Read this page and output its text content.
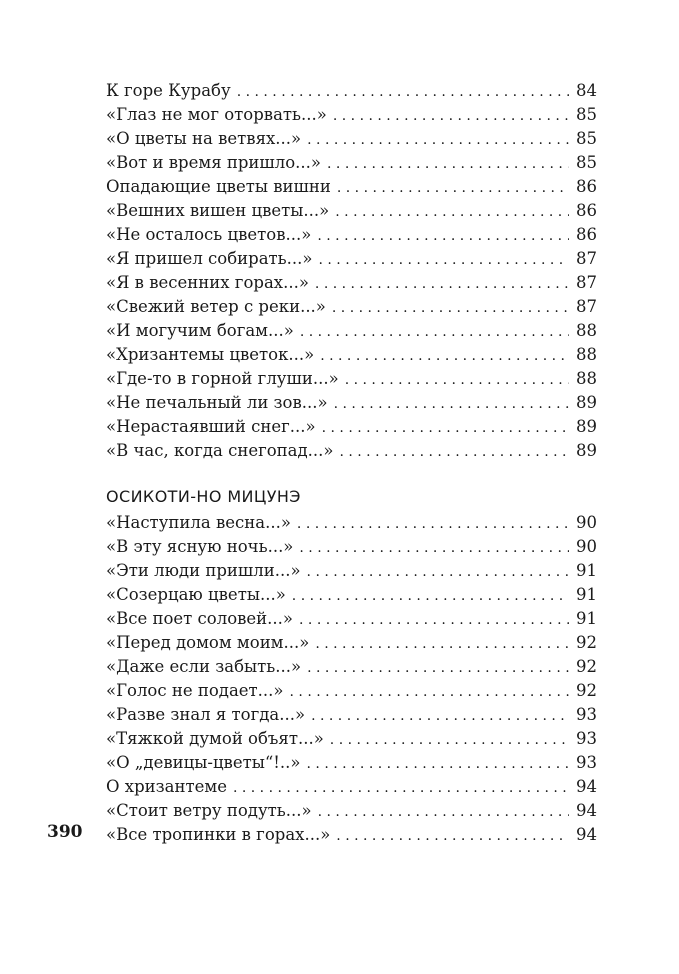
К горе Курабу . . .	84
«Глаз не мог оторвать...» . . .	85
«О цветы на ветвях...» . . .	85
«Вот и время пришло...» . . .	85
Опадающие цветы вишни . . .	86
«Вешних вишен цветы...» . . .	86
«Не осталось цветов...» . . .	86
«Я пришел собирать...» . . .	87
«Я в весенних горах...» . . .	87
«Свежий ветер с реки...» . . .	87
«И могучим богам...» . . .	88
«Хризантемы цветок...» . . .	88
«Где-то в горной глуши...» . . .	88
«Не печальный ли зов...» . . .	89
«Нерастаявший снег...» . . .	89
«В час, когда снегопад...» . . .	89
ОСИКОТИ-НО МИЦУНЭ
«Наступила весна...» . . .	90
«В эту ясную ночь...» . . .	90
«Эти люди пришли...» . . .	91
«Созерцаю цветы...» . . .	91
«Все поет соловей...» . . .	91
«Перед домом моим...» . . .	92
«Даже если забыть...» . . .	92
«Голос не подает...» . . .	92
«Разве знал я тогда...» . . .	93
«Тяжкой думой объят...» . . .	93
«О „девицы-цветы“!..» . . .	93
О хризантеме . . .	94
«Стоит ветру подуть...» . . .	94
«Все тропинки в горах...» . . .	94
390
